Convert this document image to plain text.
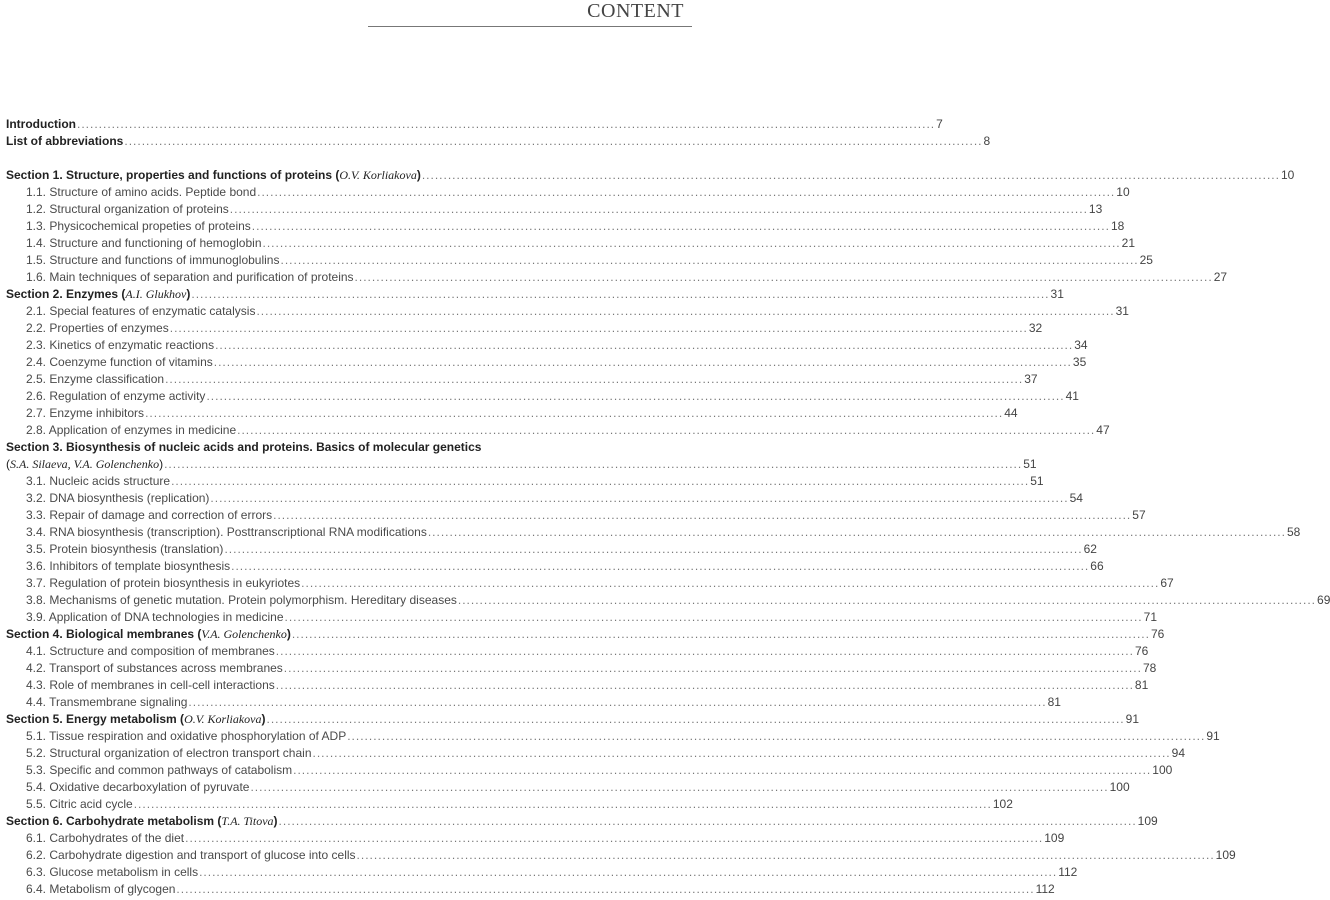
CONTENT
Introduction .....	7
List of abbreviations .....	8
Section 1. Structure, properties and functions of proteins (O.V. Korliakova) .....	10
1.1. Structure of amino acids. Peptide bond .....	10
1.2. Structural organization of proteins .....	13
1.3. Physicochemical propeties of proteins .....	18
1.4. Structure and functioning of hemoglobin .....	21
1.5. Structure and functions of immunoglobulins .....	25
1.6. Main techniques of separation and purification of proteins .....	27
Section 2. Enzymes (A.I. Glukhov) .....	31
2.1. Special features of enzymatic catalysis .....	31
2.2. Properties of enzymes .....	32
2.3. Kinetics of enzymatic reactions .....	34
2.4. Coenzyme function of vitamins .....	35
2.5. Enzyme classification .....	37
2.6. Regulation of enzyme activity .....	41
2.7. Enzyme inhibitors .....	44
2.8. Application of enzymes in medicine .....	47
Section 3. Biosynthesis of nucleic acids and proteins. Basics of molecular genetics
(S.A. Silaeva, V.A. Golenchenko) .....	51
3.1. Nucleic acids structure .....	51
3.2. DNA biosynthesis (replication) .....	54
3.3. Repair of damage and correction of errors .....	57
3.4. RNA biosynthesis (transcription). Posttranscriptional RNA modifications .....	58
3.5. Protein biosynthesis (translation) .....	62
3.6. Inhibitors of template biosynthesis .....	66
3.7. Regulation of protein biosynthesis in eukyriotes .....	67
3.8. Mechanisms of genetic mutation. Protein polymorphism. Hereditary diseases .....	69
3.9. Application of DNA technologies in medicine .....	71
Section 4. Biological membranes (V.A. Golenchenko) .....	76
4.1. Sctructure and composition of membranes .....	76
4.2. Transport of substances across membranes .....	78
4.3. Role of membranes in cell-cell interactions .....	81
4.4. Transmembrane signaling .....	81
Section 5. Energy metabolism (O.V. Korliakova) .....	91
5.1. Tissue respiration and oxidative phosphorylation of ADP .....	91
5.2. Structural organization of electron transport chain .....	94
5.3. Specific and common pathways of catabolism .....	100
5.4. Oxidative decarboxylation of pyruvate .....	100
5.5. Citric acid cycle .....	102
Section 6. Carbohydrate metabolism (T.A. Titova) .....	109
6.1. Carbohydrates of the diet .....	109
6.2. Carbohydrate digestion and transport of glucose into cells .....	109
6.3. Glucose metabolism in cells .....	112
6.4. Metabolism of glycogen .....	112
